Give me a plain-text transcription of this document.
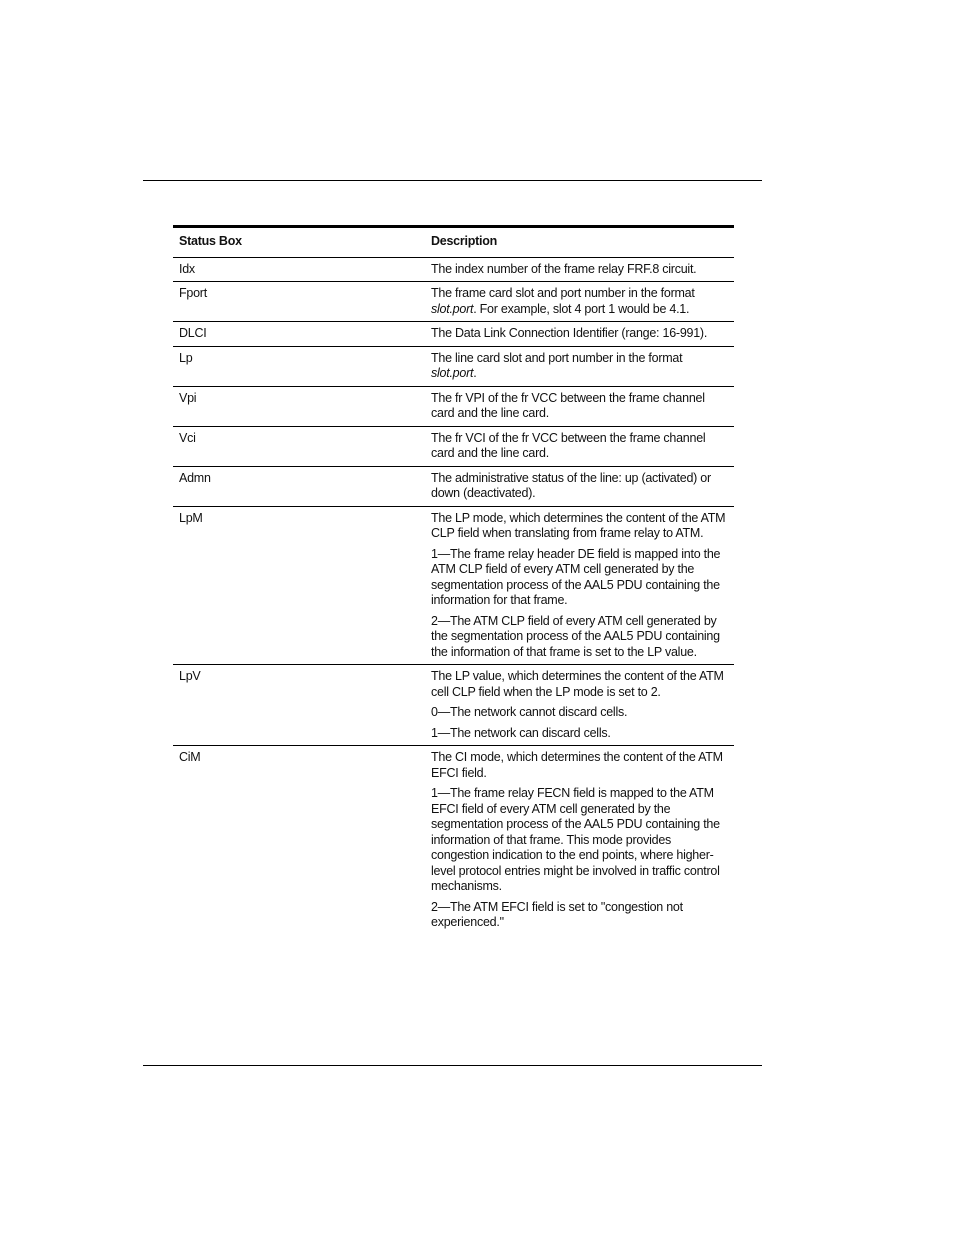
Status Box	Description
Idx	The index number of the frame relay FRF.8 circuit.

Fport	The frame card slot and port number in the format slot.port. For example, slot 4 port 1 would be 4.1.

DLCI	The Data Link Connection Identifier (range: 16-991).

Lp	The line card slot and port number in the format slot.port.

Vpi	The fr VPI of the fr VCC between the frame channel card and the line card.

Vci	The fr VCI of the fr VCC between the frame channel card and the line card.

Admn	The administrative status of the line: up (activated) or down (deactivated).

LpM	The LP mode, which determines the content of the ATM CLP field when translating from frame relay to ATM.
1—The frame relay header DE field is mapped into the ATM CLP field of every ATM cell generated by the segmentation process of the AAL5 PDU containing the information for that frame.
2—The ATM CLP field of every ATM cell generated by the segmentation process of the AAL5 PDU containing the information of that frame is set to the LP value.

LpV	The LP value, which determines the content of the ATM cell CLP field when the LP mode is set to 2.
0—The network cannot discard cells.
1—The network can discard cells.

CiM	The CI mode, which determines the content of the ATM EFCI field.
1—The frame relay FECN field is mapped to the ATM EFCI field of every ATM cell generated by the segmentation process of the AAL5 PDU containing the information of that frame. This mode provides congestion indication to the end points, where higher-level protocol entries might be involved in traffic control mechanisms.
2—The ATM EFCI field is set to "congestion not experienced."
